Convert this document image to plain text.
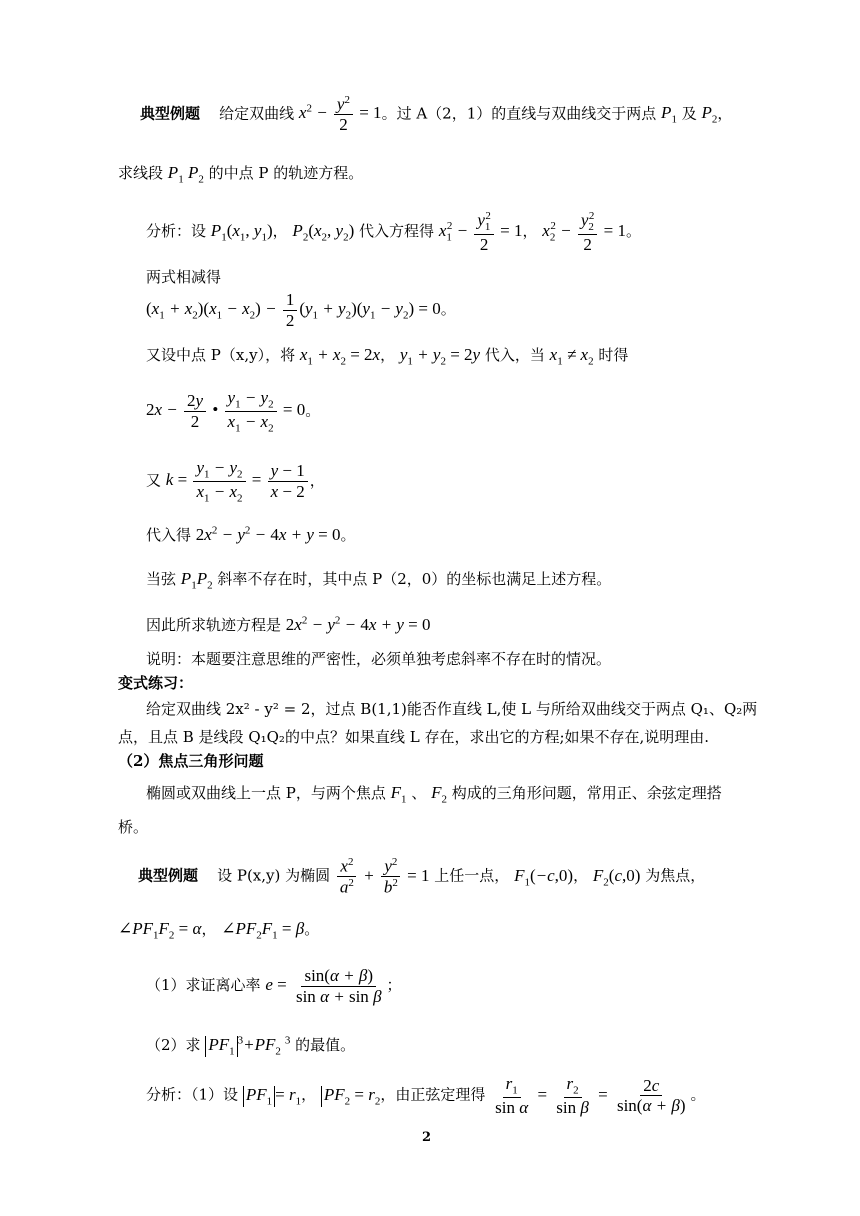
典型例题 给定双曲线 $x^2 - \frac{y^2}{2} = 1$。过 A（2，1）的直线与双曲线交于两点 $P_1$ 及 $P_2$，
求线段 $P_1$ $P_2$ 的中点 P 的轨迹方程。
分析：设 $P_1(x_1$, $y_1$)， $P_2(x_2$, $y_2$) 代入方程得 $x_1^2 - \frac{y_1^2}{2} = 1$， $x_2^2 - \frac{y_2^2}{2} = 1$。
两式相减得
$(x_1 + x_2)(x_1 - x_2) - \frac{1}{2} (y_1 + y_2)(y_1 - y_2) = 0$。
又设中点 P（x,y），将 $x_1 + x_2 = 2x$， $y_1 + y_2 = 2y$ 代入，当 $x_1 \ne x_2$ 时得
$2x - \frac{2y}{2}$ • $\frac{y_1 - y_2}{x_1 - x_2} = 0$。
又 $k = \frac{y_1 - y_2}{x_1 - x_2} = \frac{y - 1}{x - 2}$ ，
代入得 $2x^2 - y^2 - 4x + y = 0$。
当弦 $P_1P_2$ 斜率不存在时，其中点 P（2，0）的坐标也满足上述方程。
因此所求轨迹方程是 $2x^2 - y^2 - 4x + y = 0$
说明：本题要注意思维的严密性，必须单独考虑斜率不存在时的情况。
变式练习：
给定双曲线 2x² - y² = 2，过点 B(1,1)能否作直线 L,使 L 与所给双曲线交于两点 Q₁、Q₂两
点，且点 B 是线段 Q₁Q₂的中点？如果直线 L 存在，求出它的方程;如果不存在,说明理由.
（2）焦点三角形问题
椭圆或双曲线上一点 P，与两个焦点 $F_1$ 、 $F_2$ 构成的三角形问题，常用正、余弦定理搭
桥。
典型例题 设 P(x,y) 为椭圆 $\frac{x^2}{a^2} + \frac{y^2}{b^2} = 1$ 上任一点， $F_1(-c,0)$， $F_2(c,0)$ 为焦点，
$\angle PF_1F_2 = \alpha$， $\angle PF_2F_1 = \beta$。
（1）求证离心率 $e = \frac{\sin(\alpha + \beta)}{\text{sin α + sin β}}$ ；
（2）求 $PF_1^3+PF_2^3$ 的最值。
分析：（1）设 $PF_1 = r_1$， $PF_2 = r_2$，由正弦定理得 $\frac{r_1}{\text{sin α}} = \frac{r_2}{\text{sin β}} = \frac{2c}{\sin(\alpha + \beta)}$ 。
2
